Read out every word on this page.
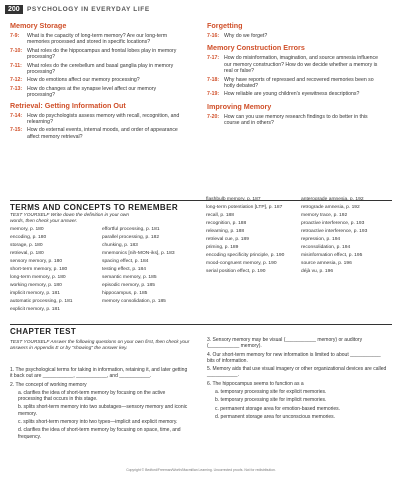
200	PSYCHOLOGY IN EVERYDAY LIFE
Memory Storage
7-9:	What is the capacity of long-term memory? Are our long-term memories processed and stored in specific locations?
7-10: What roles do the hippocampus and frontal lobes play in memory processing?
7-11: What roles do the cerebellum and basal ganglia play in memory processing?
7-12: How do emotions affect our memory processing?
7-13: How do changes at the synapse level affect our memory processing?
Retrieval: Getting Information Out
7-14: How do psychologists assess memory with recall, recognition, and relearning?
7-15: How do external events, internal moods, and order of appearance affect memory retrieval?
Forgetting
7-16: Why do we forget?
Memory Construction Errors
7-17: How do misinformation, imagination, and source amnesia influence our memory construction? How do we decide whether a memory is real or false?
7-18: Why have reports of repressed and recovered memories been so hotly debated?
7-19: How reliable are young children's eyewitness descriptions?
Improving Memory
7-20: How can you use memory research findings to do better in this course and in others?
TERMS AND CONCEPTS TO REMEMBER
TEST YOURSELF Write down the definition in your own words, then check your answer.
memory, p. 180
encoding, p. 180
storage, p. 180
retrieval, p. 180
sensory memory, p. 180
short-term memory, p. 180
long-term memory, p. 180
working memory, p. 180
implicit memory, p. 181
automatic processing, p. 181
explicit memory, p. 181
effortful processing, p. 181
parallel processing, p. 182
chunking, p. 183
mnemonics [nih-MON-iks], p. 183
spacing effect, p. 184
testing effect, p. 184
semantic memory, p. 185
episodic memory, p. 185
hippocampus, p. 185
memory consolidation, p. 185
flashbulb memory, p. 187
long-term potentiation [LTP], p. 187
recall, p. 188
recognition, p. 188
relearning, p. 188
retrieval cue, p. 189
priming, p. 189
encoding specificity principle, p. 190
mood-congruent memory, p. 190
serial position effect, p. 190
anterograde amnesia, p. 192
retrograde amnesia, p. 192
memory trace, p. 192
proactive interference, p. 193
retroactive interference, p. 193
repression, p. 194
reconsolidation, p. 194
misinformation effect, p. 195
source amnesia, p. 196
déjà vu, p. 196
CHAPTER TEST
TEST YOURSELF Answer the following questions on your own first, then check your answers in Appendix E or by "showing" the answer key.
1. The psychological terms for taking in information, retaining it, and later getting it back out are ___________, ___________, and ___________.
2. The concept of working memory
a. clarifies the idea of short-term memory by focusing on the active processing that occurs in this stage.
b. splits short-term memory into two substages—sensory memory and iconic memory.
c. splits short-term memory into two types—implicit and explicit memory.
d. clarifies the idea of short-term memory by focusing on space, time, and frequency.
3. Sensory memory may be visual (___________ memory) or auditory (___________ memory).
4. Our short-term memory for new information is limited to about ___________ bits of information.
5. Memory aids that use visual imagery or other organizational devices are called ___________.
6. The hippocampus seems to function as a
a. temporary processing site for explicit memories.
b. temporary processing site for implicit memories.
c. permanent storage area for emotion-based memories.
d. permanent storage area for unconscious memories.
Copyright © Bedford/Freeman/Worth/Macmillan Learning. Uncorrected proofs. Not for redistribution.
